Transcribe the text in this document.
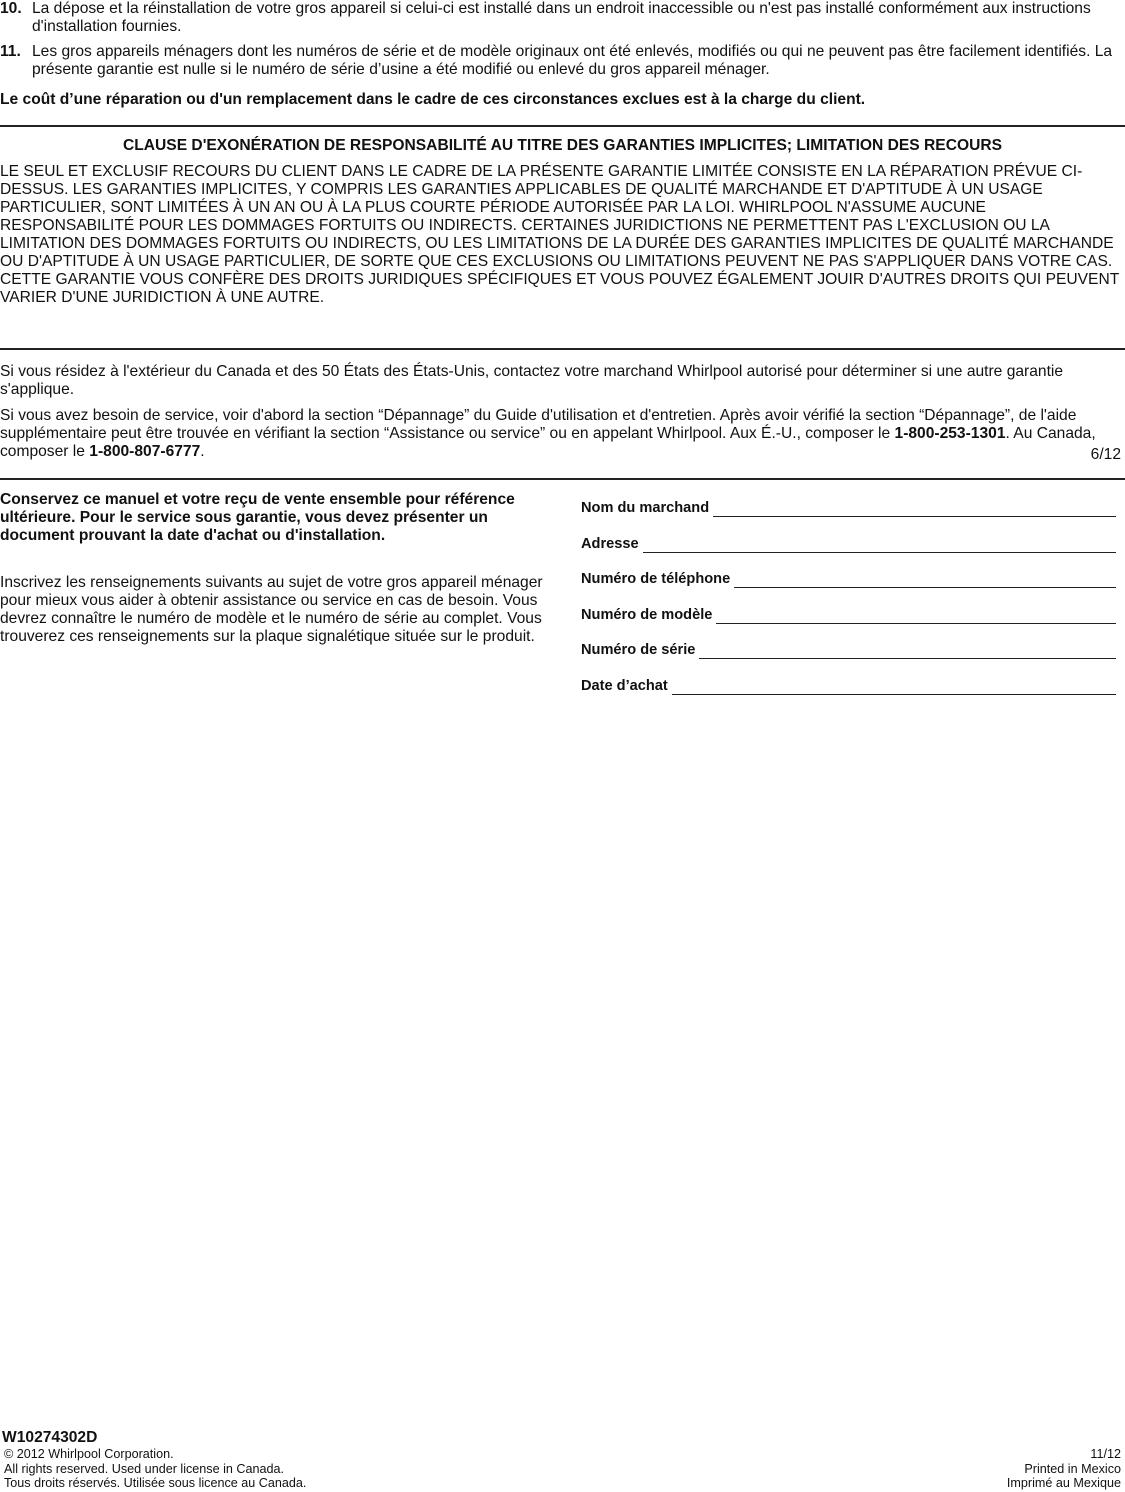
10. La dépose et la réinstallation de votre gros appareil si celui-ci est installé dans un endroit inaccessible ou n'est pas installé conformément aux instructions d'installation fournies.
11. Les gros appareils ménagers dont les numéros de série et de modèle originaux ont été enlevés, modifiés ou qui ne peuvent pas être facilement identifiés. La présente garantie est nulle si le numéro de série d’usine a été modifié ou enlevé du gros appareil ménager.
Le coût d’une réparation ou d'un remplacement dans le cadre de ces circonstances exclues est à la charge du client.
CLAUSE D'EXONÉRATION DE RESPONSABILITÉ AU TITRE DES GARANTIES IMPLICITES; LIMITATION DES RECOURS
LE SEUL ET EXCLUSIF RECOURS DU CLIENT DANS LE CADRE DE LA PRÉSENTE GARANTIE LIMITÉE CONSISTE EN LA RÉPARATION PRÉVUE CI-DESSUS. LES GARANTIES IMPLICITES, Y COMPRIS LES GARANTIES APPLICABLES DE QUALITÉ MARCHANDE ET D'APTITUDE À UN USAGE PARTICULIER, SONT LIMITÉES À UN AN OU À LA PLUS COURTE PÉRIODE AUTORISÉE PAR LA LOI. WHIRLPOOL N'ASSUME AUCUNE RESPONSABILITÉ POUR LES DOMMAGES FORTUITS OU INDIRECTS. CERTAINES JURIDICTIONS NE PERMETTENT PAS L'EXCLUSION OU LA LIMITATION DES DOMMAGES FORTUITS OU INDIRECTS, OU LES LIMITATIONS DE LA DURÉE DES GARANTIES IMPLICITES DE QUALITÉ MARCHANDE OU D'APTITUDE À UN USAGE PARTICULIER, DE SORTE QUE CES EXCLUSIONS OU LIMITATIONS PEUVENT NE PAS S'APPLIQUER DANS VOTRE CAS. CETTE GARANTIE VOUS CONFÈRE DES DROITS JURIDIQUES SPÉCIFIQUES ET VOUS POUVEZ ÉGALEMENT JOUIR D'AUTRES DROITS QUI PEUVENT VARIER D'UNE JURIDICTION À UNE AUTRE.
Si vous résidez à l'extérieur du Canada et des 50 États des États-Unis, contactez votre marchand Whirlpool autorisé pour déterminer si une autre garantie s'applique.
Si vous avez besoin de service, voir d'abord la section “Dépannage” du Guide d'utilisation et d'entretien. Après avoir vérifié la section “Dépannage”, de l'aide supplémentaire peut être trouvée en vérifiant la section “Assistance ou service” ou en appelant Whirlpool. Aux É.-U., composer le 1-800-253-1301. Au Canada, composer le 1-800-807-6777.	6/12
Conservez ce manuel et votre reçu de vente ensemble pour référence ultérieure. Pour le service sous garantie, vous devez présenter un document prouvant la date d'achat ou d'installation.
Inscrivez les renseignements suivants au sujet de votre gros appareil ménager pour mieux vous aider à obtenir assistance ou service en cas de besoin. Vous devrez connaître le numéro de modèle et le numéro de série au complet. Vous trouverez ces renseignements sur la plaque signalétique située sur le produit.
Nom du marchand
Adresse
Numéro de téléphone
Numéro de modèle
Numéro de série
Date d’achat
W10274302D
© 2012 Whirlpool Corporation.
All rights reserved. Used under license in Canada.
Tous droits réservés. Utilisée sous licence au Canada.
11/12
Printed in Mexico
Imprimé au Mexique
